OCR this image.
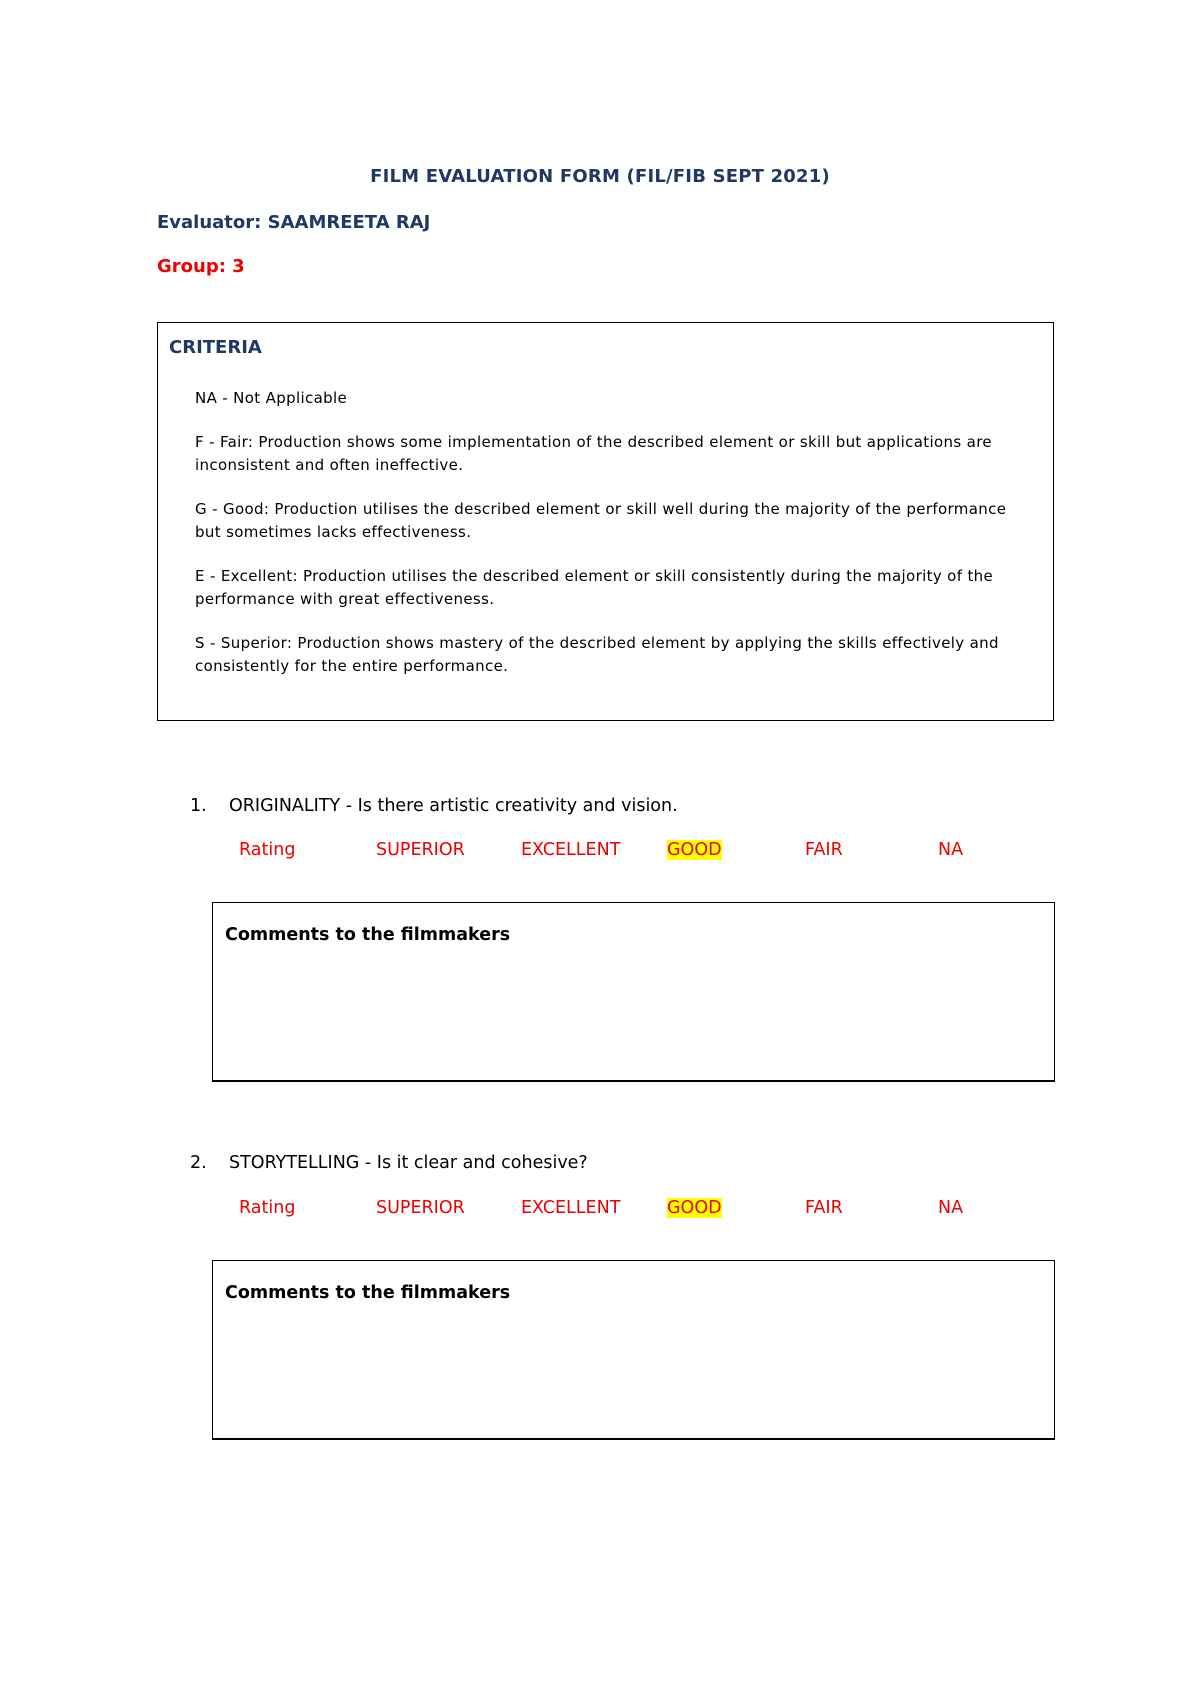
FILM EVALUATION FORM (FIL/FIB SEPT 2021)
Evaluator: SAAMREETA RAJ
Group: 3
CRITERIA

NA - Not Applicable

F - Fair: Production shows some implementation of the described element or skill but applications are inconsistent and often ineffective.

G - Good: Production utilises the described element or skill well during the majority of the performance but sometimes lacks effectiveness.

E - Excellent: Production utilises the described element or skill consistently during the majority of the performance with great effectiveness.

S - Superior: Production shows mastery of the described element by applying the skills effectively and consistently for the entire performance.

1. ORIGINALITY - Is there artistic creativity and vision.
Rating	SUPERIOR	EXCELLENT	GOOD	FAIR	NA
Comments to the filmmakers
2. STORYTELLING - Is it clear and cohesive?
Rating	SUPERIOR	EXCELLENT	GOOD	FAIR	NA
Comments to the filmmakers
